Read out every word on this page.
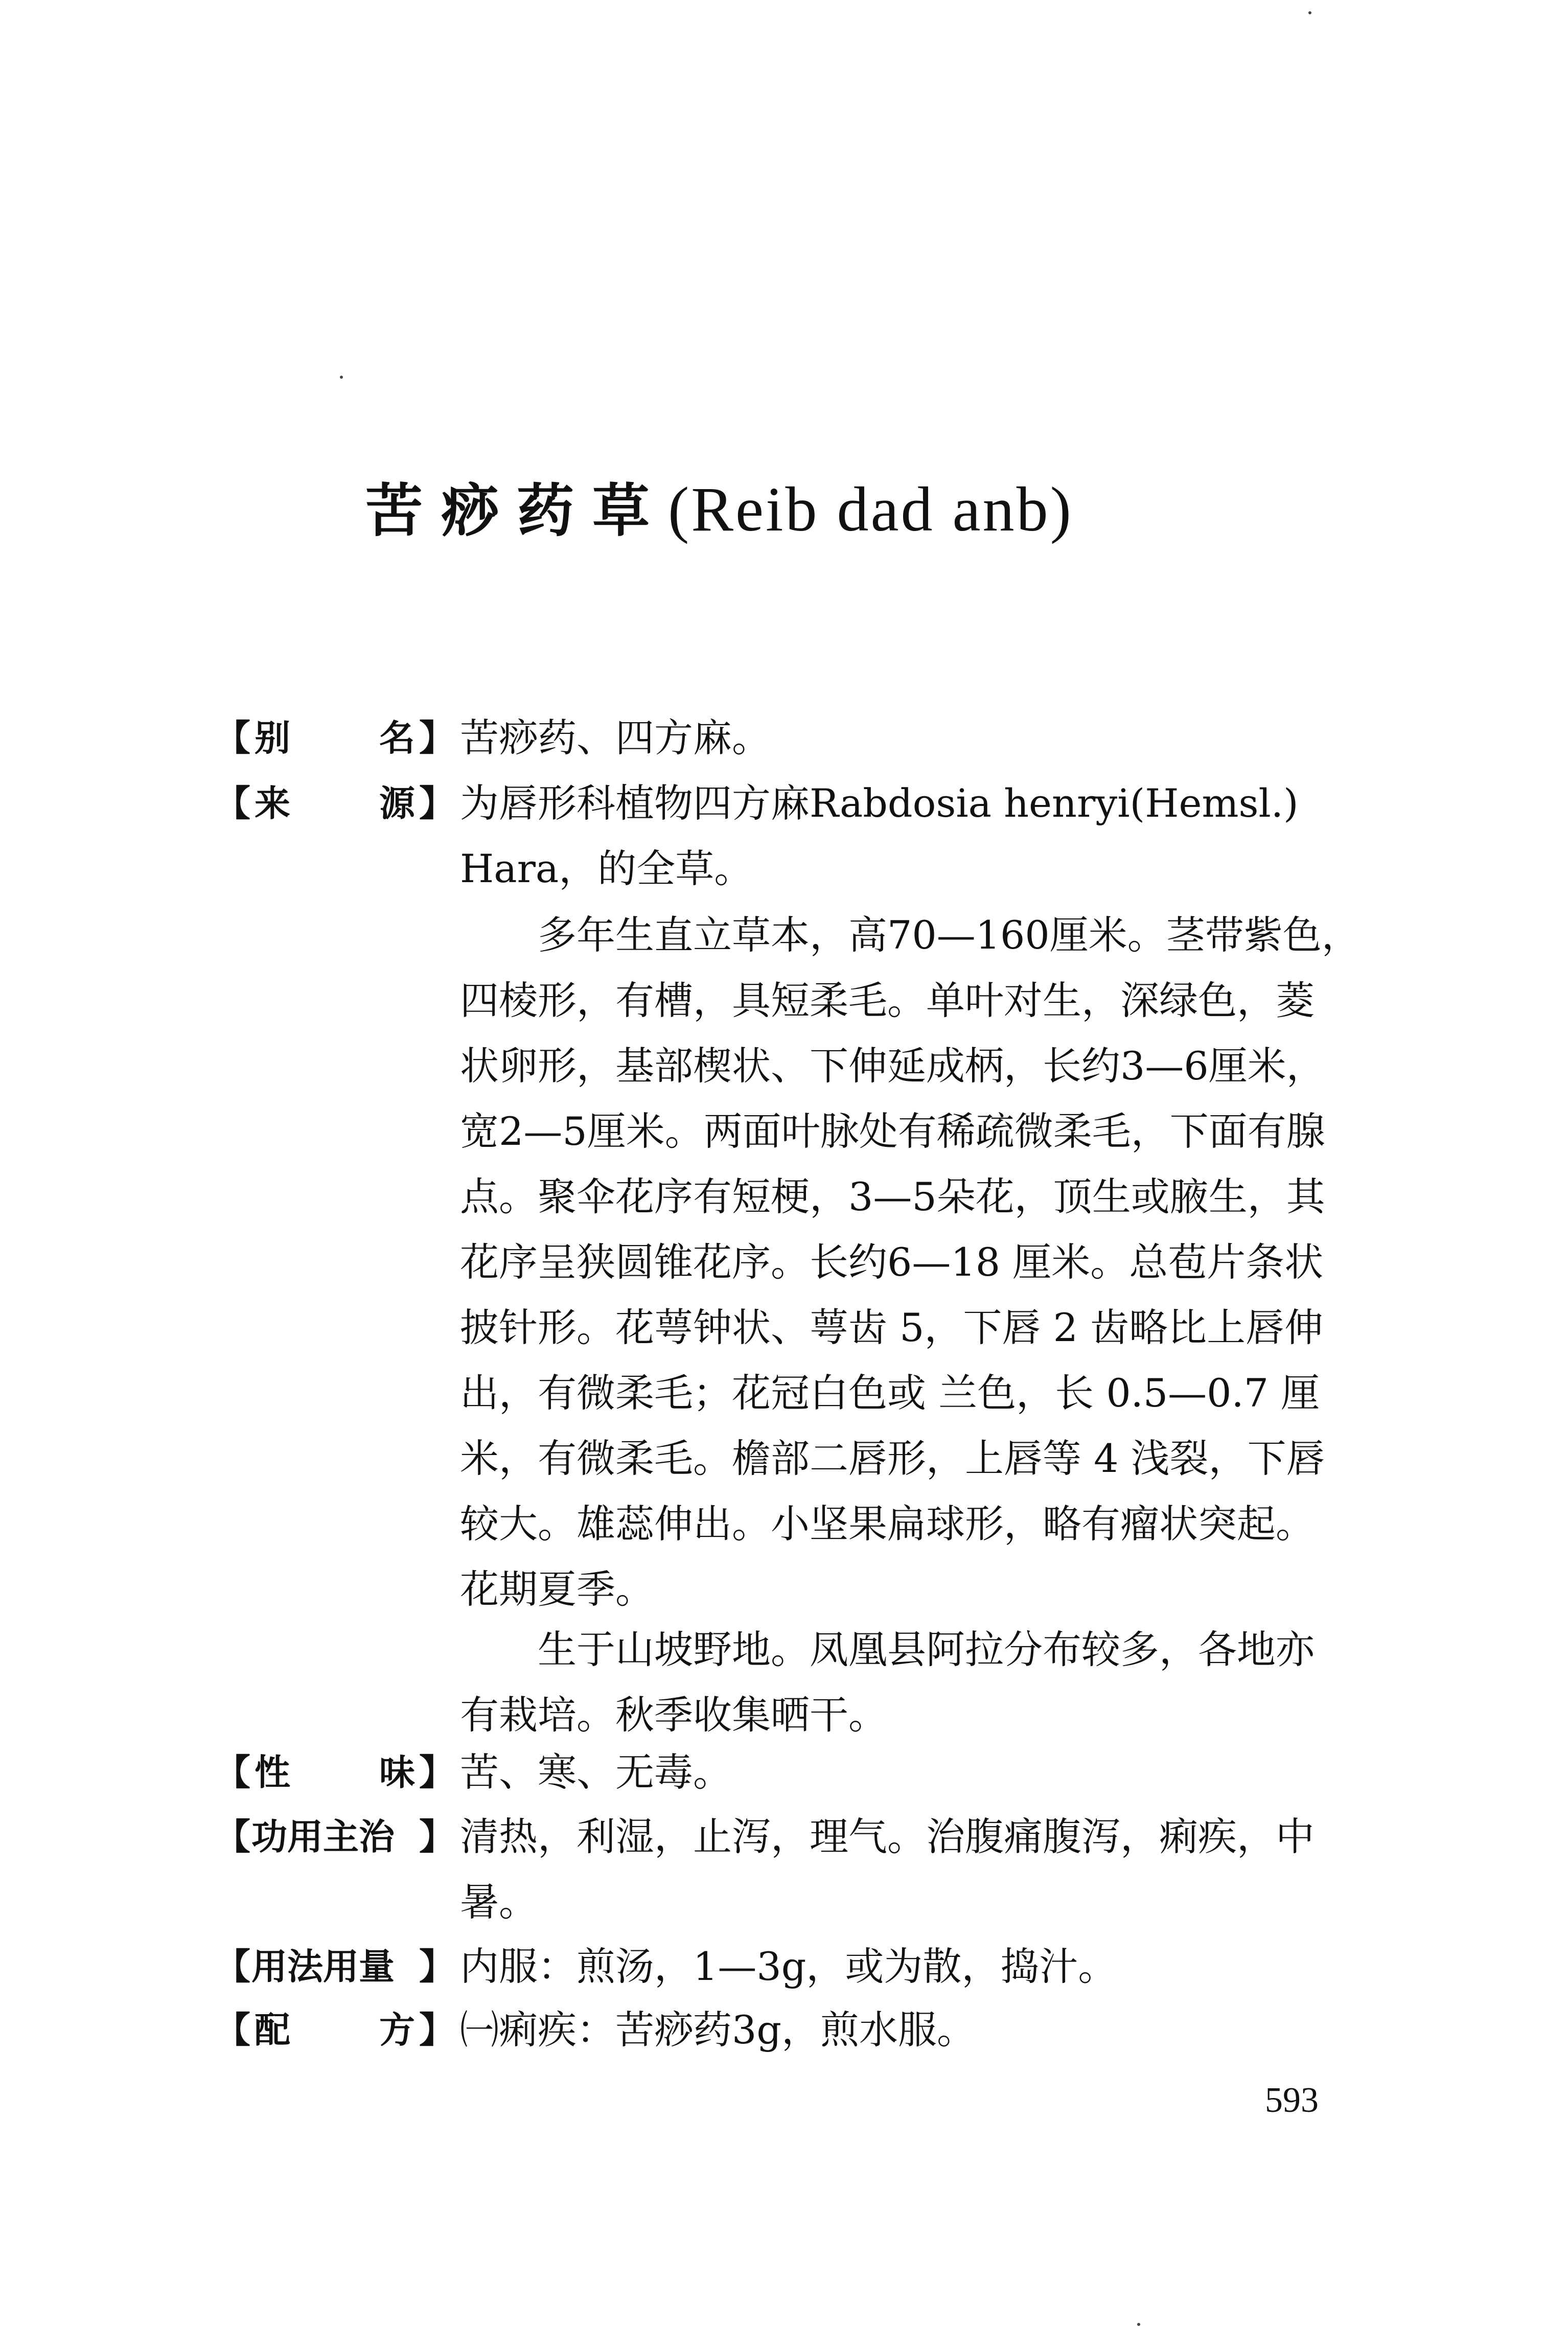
苦痧药草(Reib dad anb)
【 别 名 】 苦痧药、四方麻。
【 来 源 】 为唇形科植物四方麻Rabdosia henryi(Hemsl.)
Hara，的全草。
　　多年生直立草本，高70—160厘米。茎带紫色，
四棱形，有槽，具短柔毛。单叶对生，深绿色，菱
状卵形，基部楔状、下伸延成柄，长约3—6厘米，
宽2—5厘米。两面叶脉处有稀疏微柔毛，下面有腺
点。聚伞花序有短梗，3—5朵花，顶生或腋生，其
花序呈狭圆锥花序。长约6—18 厘米。总苞片条状
披针形。花萼钟状、萼齿 5，下唇 2 齿略比上唇伸
出，有微柔毛；花冠白色或 兰色，长 0.5—0.7 厘
米，有微柔毛。檐部二唇形，上唇等 4 浅裂，下唇
较大。雄蕊伸出。小坚果扁球形，略有瘤状突起。
花期夏季。
　　生于山坡野地。凤凰县阿拉分布较多，各地亦
有栽培。秋季收集晒干。
【 性 味 】 苦、寒、无毒。
【 功用主治 】 清热，利湿，止泻，理气。治腹痛腹泻，痢疾，中
暑。
【 用法用量 】 内服：煎汤，1—3g，或为散，捣汁。
【 配 方 】 ㈠痢疾：苦痧药3g，煎水服。
593
